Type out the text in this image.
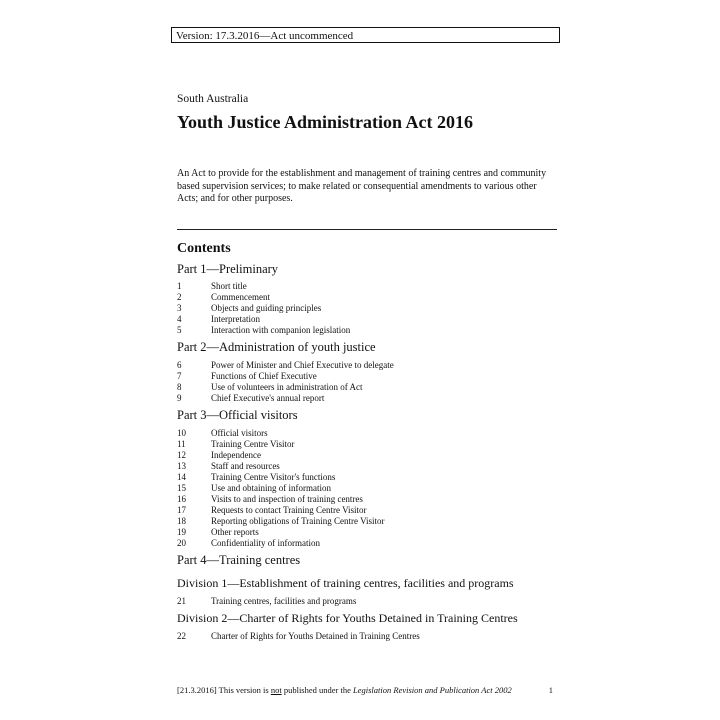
Version: 17.3.2016—Act uncommenced
South Australia
Youth Justice Administration Act 2016
An Act to provide for the establishment and management of training centres and community based supervision services; to make related or consequential amendments to various other Acts; and for other purposes.
Contents
Part 1—Preliminary
1	Short title
2	Commencement
3	Objects and guiding principles
4	Interpretation
5	Interaction with companion legislation
Part 2—Administration of youth justice
6	Power of Minister and Chief Executive to delegate
7	Functions of Chief Executive
8	Use of volunteers in administration of Act
9	Chief Executive's annual report
Part 3—Official visitors
10	Official visitors
11	Training Centre Visitor
12	Independence
13	Staff and resources
14	Training Centre Visitor's functions
15	Use and obtaining of information
16	Visits to and inspection of training centres
17	Requests to contact Training Centre Visitor
18	Reporting obligations of Training Centre Visitor
19	Other reports
20	Confidentiality of information
Part 4—Training centres
Division 1—Establishment of training centres, facilities and programs
21	Training centres, facilities and programs
Division 2—Charter of Rights for Youths Detained in Training Centres
22	Charter of Rights for Youths Detained in Training Centres
[21.3.2016] This version is not published under the Legislation Revision and Publication Act 2002	1
